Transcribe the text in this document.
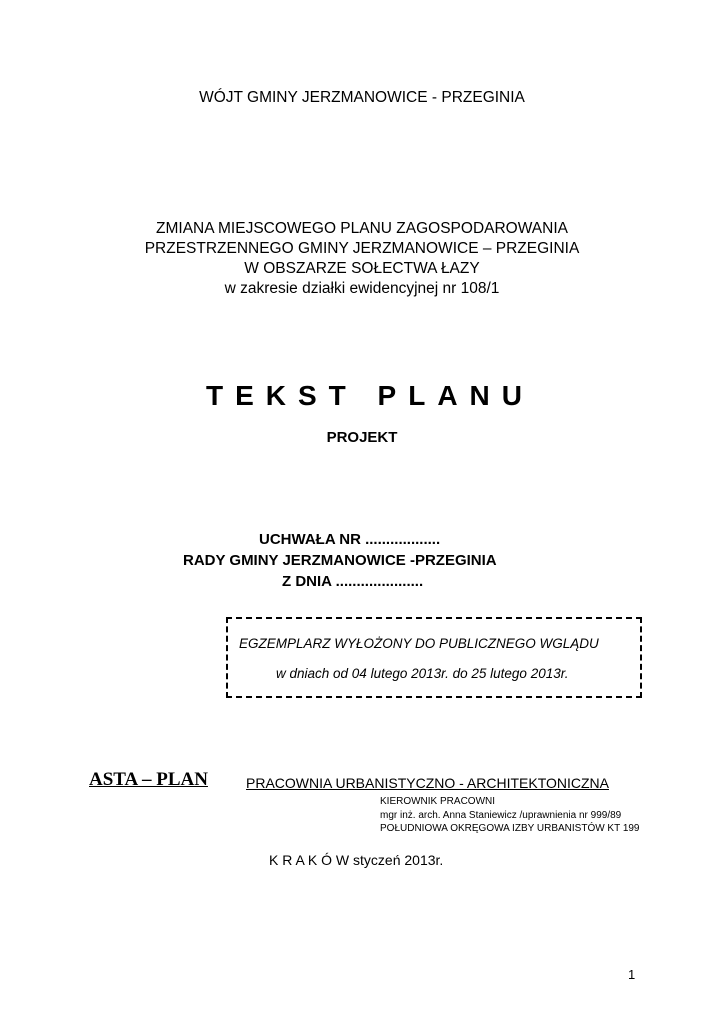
WÓJT GMINY JERZMANOWICE - PRZEGINIA
ZMIANA MIEJSCOWEGO PLANU ZAGOSPODAROWANIA
PRZESTRZENNEGO GMINY JERZMANOWICE – PRZEGINIA
W OBSZARZE SOŁECTWA ŁAZY
w zakresie działki ewidencyjnej nr 108/1
TEKST PLANU
PROJEKT
UCHWAŁA NR ..................
RADY GMINY JERZMANOWICE -PRZEGINIA
Z DNIA .....................
EGZEMPLARZ WYŁOŻONY DO PUBLICZNEGO WGLĄDU
w dniach od 04 lutego 2013r. do 25 lutego 2013r.
ASTA – PLAN	PRACOWNIA URBANISTYCZNO - ARCHITEKTONICZNA
KIEROWNIK PRACOWNI
mgr inż. arch. Anna Staniewicz /uprawnienia nr 999/89
POŁUDNIOWA OKRĘGOWA IZBY URBANISTÓW KT 199
K R A K Ó W styczeń 2013r.
1
